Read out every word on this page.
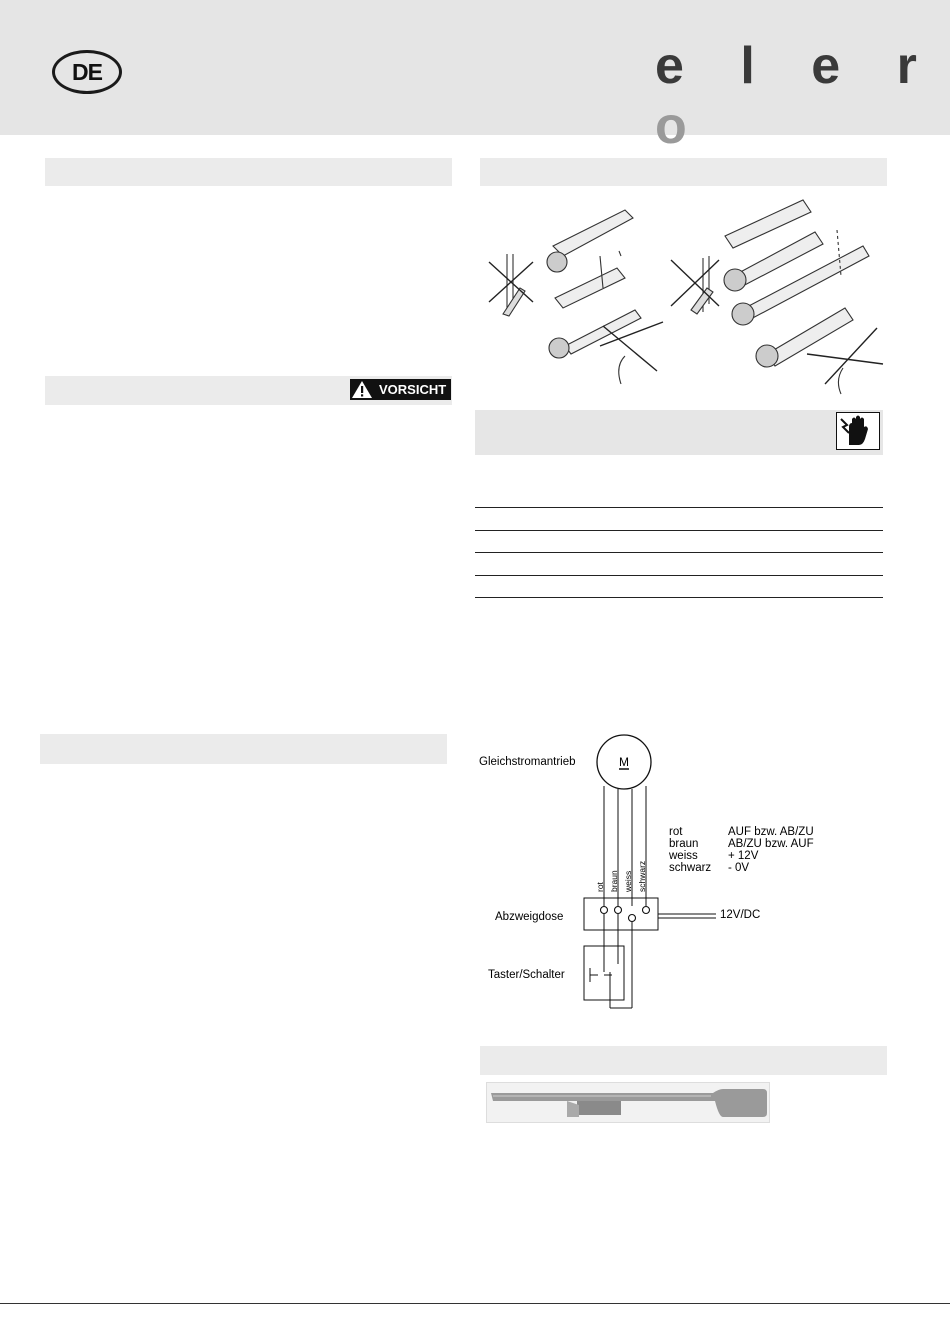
DE	e l e r o
VORSICHT
Gleichstromantrieb	M
rot braun weiss schwarz
rot	AUF bzw. AB/ZU
braun	AB/ZU bzw. AUF
weiss	+ 12V
schwarz - 0V
Abzweigdose	12V/DC
Taster/Schalter
